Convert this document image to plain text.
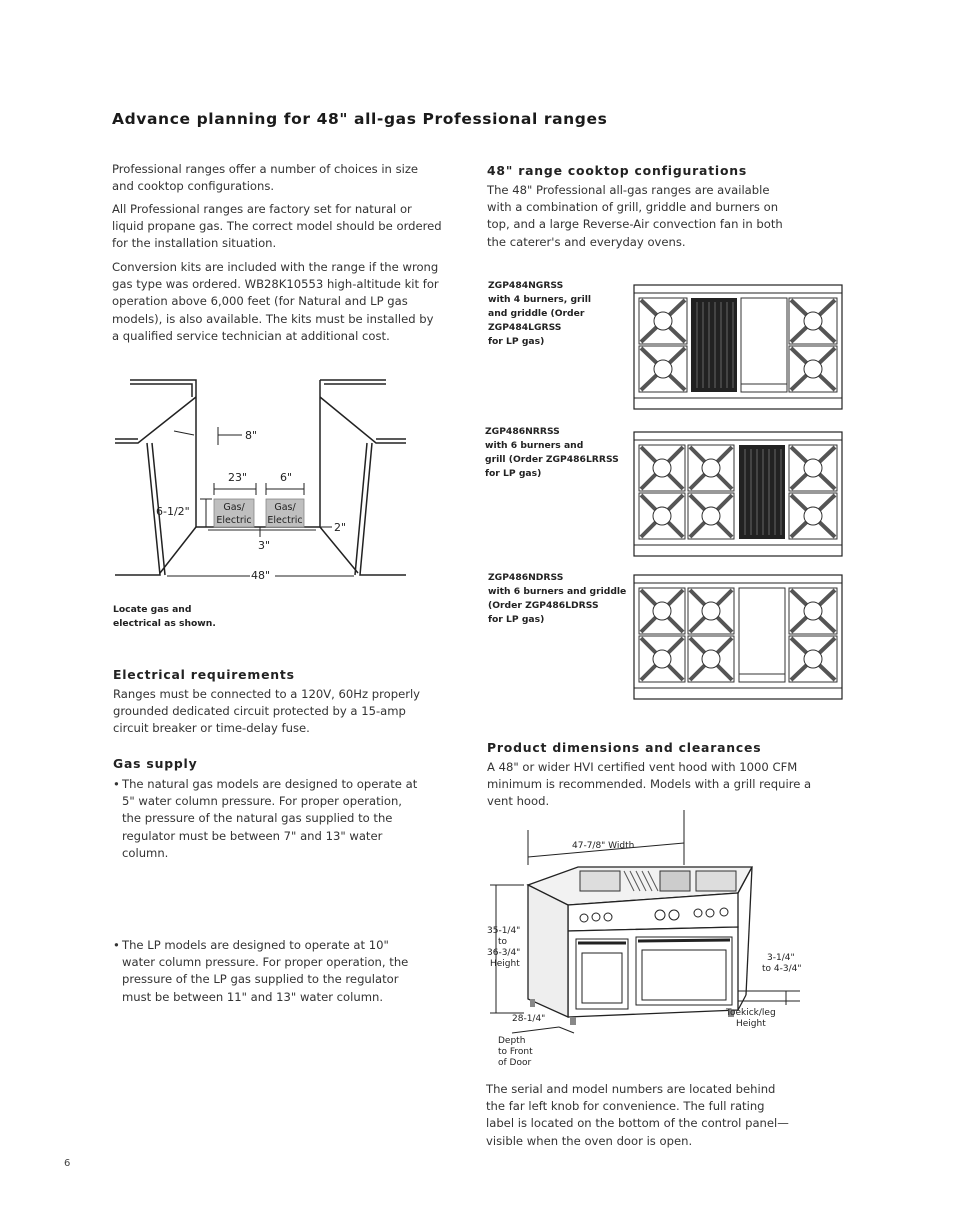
Advance planning for 48" all-gas Professional ranges
Professional ranges offer a number of choices in size and cooktop configurations.
All Professional ranges are factory set for natural or liquid propane gas. The correct model should be ordered for the installation situation.
Conversion kits are included with the range if the wrong gas type was ordered. WB28K10553 high-altitude kit for operation above 6,000 feet (for Natural and LP gas models), is also available. The kits must be installed by a qualified service technician at additional cost.
8"
23"	6"
6-1/2"
2"
3"
48"
Gas/
Electric
Gas/
Electric
Locate gas and
electrical as shown.
Electrical requirements
Ranges must be connected to a 120V, 60Hz properly grounded dedicated circuit protected by a 15-amp circuit breaker or time-delay fuse.
Gas supply
• The natural gas models are designed to operate at 5" water column pressure. For proper operation, the pressure of the natural gas supplied to the regulator must be between 7" and 13" water column.
• The LP models are designed to operate at 10" water column pressure. For proper operation, the pressure of the LP gas supplied to the regulator must be between 11" and 13" water column.
48" range cooktop configurations
The 48" Professional all-gas ranges are available with a combination of grill, griddle and burners on top, and a large Reverse-Air convection fan in both the caterer's and everyday ovens.
ZGP484NGRSS
with 4 burners, grill
and griddle (Order
ZGP484LGRSS
for LP gas)
ZGP486NRRSS
with 6 burners and
grill (Order ZGP486LRRSS
for LP gas)
ZGP486NDRSS
with 6 burners and griddle
(Order ZGP486LDRSS
for LP gas)
Product dimensions and clearances
A 48" or wider HVI certified vent hood with 1000 CFM minimum is recommended. Models with a grill require a vent hood.
47-7/8" Width
35-1/4"
to
36-3/4"
Height
3-1/4"
to 4-3/4"
Toekick/leg
Height
28-1/4"
Depth
to Front
of Door
The serial and model numbers are located behind the far left knob for convenience. The full rating label is located on the bottom of the control panel—visible when the oven door is open.
6
